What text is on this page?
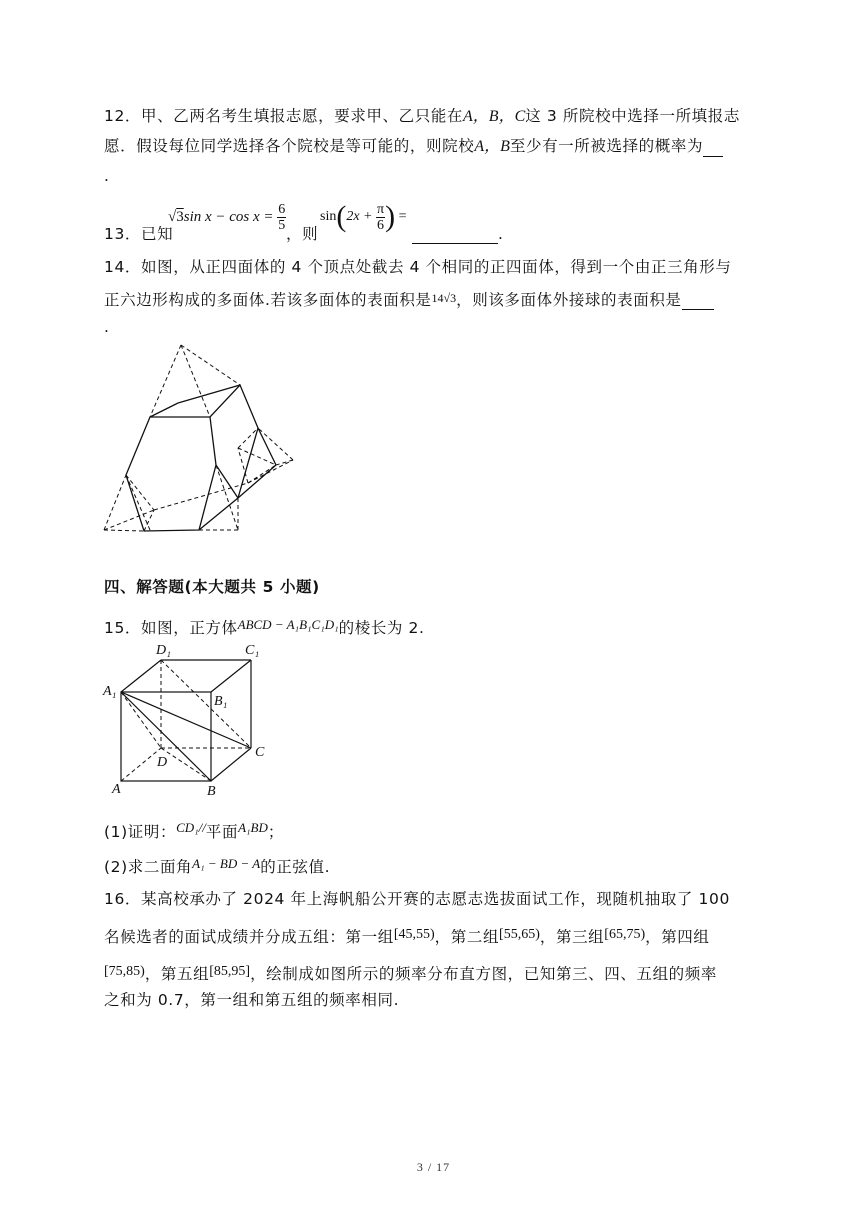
12．甲、乙两名考生填报志愿，要求甲、乙只能在A，B，C这 3 所院校中选择一所填报志
愿．假设每位同学选择各个院校是等可能的，则院校A，B至少有一所被选择的概率为
.
13．已知
√3sin $x - \cos x = \frac{6}{5}$
，则
$\sin(2x + \frac{\pi}{6}$ ) =
.
14．如图，从正四面体的 4 个顶点处截去 4 个相同的正四面体，得到一个由正三角形与
正六边形构成的多面体.若该多面体的表面积是14√3，则该多面体外接球的表面积是
.
四、解答题(本大题共 5 小题)
15．如图，正方体$^{ABCD - A_1B_1C_1D_1}$的棱长为 2.
D₁	C₁
A₁
B₁
C
D
A	B
(1)证明：$^{CD_1//}$平面$^{A_1BD}$；
(2)求二面角$^{A_1 - BD - A}$的正弦值.
16．某高校承办了 2024 年上海帆船公开赛的志愿志选拔面试工作，现随机抽取了 100
名候选者的面试成绩并分成五组：第一组[45,55)，第二组[55,65)，第三组[65,75)，第四组
[75,85)，第五组[85,95]，绘制成如图所示的频率分布直方图，已知第三、四、五组的频率
之和为 0.7，第一组和第五组的频率相同.
3 / 17
